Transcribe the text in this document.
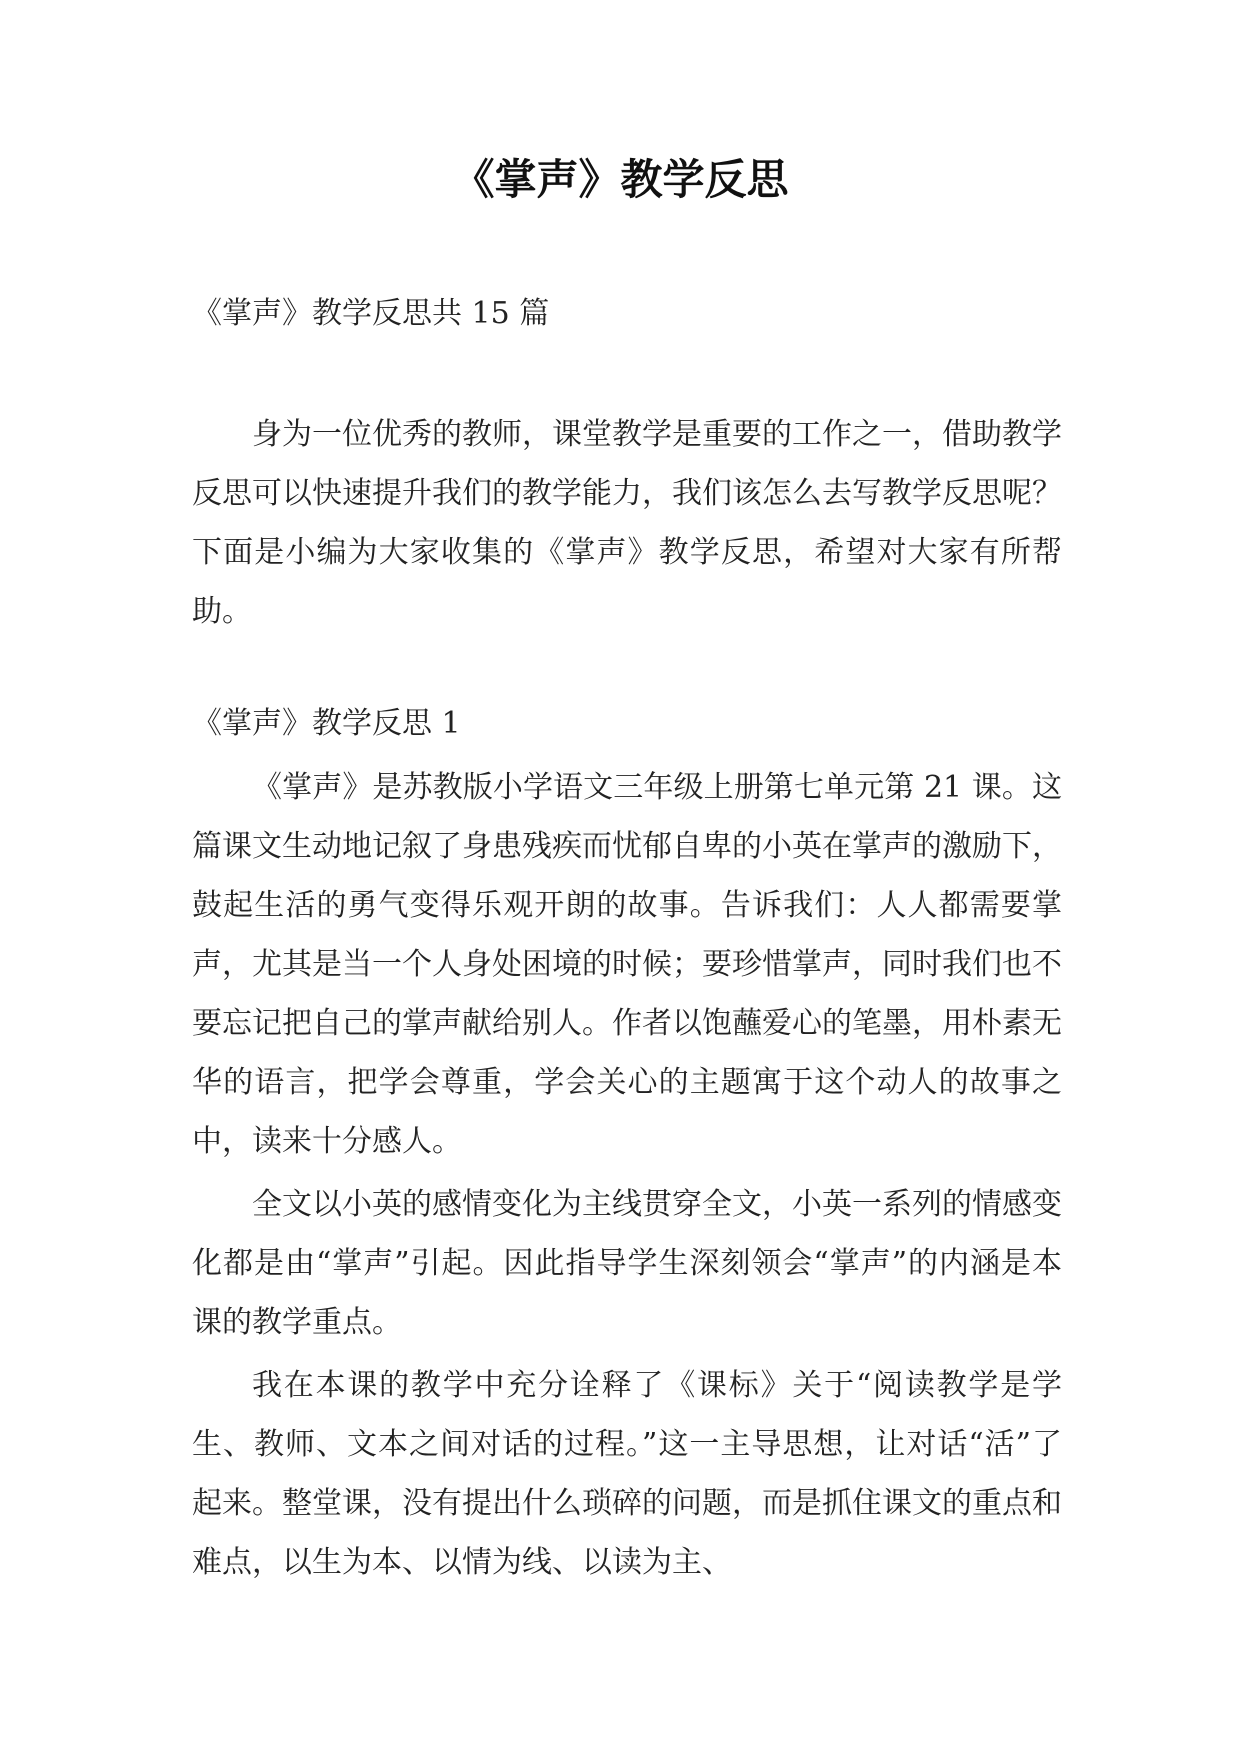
《掌声》教学反思
《掌声》教学反思共 15 篇

身为一位优秀的教师，课堂教学是重要的工作之一，借助教学反思可以快速提升我们的教学能力，我们该怎么去写教学反思呢？下面是小编为大家收集的《掌声》教学反思，希望对大家有所帮助。

《掌声》教学反思 1

《掌声》是苏教版小学语文三年级上册第七单元第 21 课。这篇课文生动地记叙了身患残疾而忧郁自卑的小英在掌声的激励下，鼓起生活的勇气变得乐观开朗的故事。告诉我们：人人都需要掌声，尤其是当一个人身处困境的时候；要珍惜掌声，同时我们也不要忘记把自己的掌声献给别人。作者以饱蘸爱心的笔墨，用朴素无华的语言，把学会尊重，学会关心的主题寓于这个动人的故事之中，读来十分感人。

全文以小英的感情变化为主线贯穿全文，小英一系列的情感变化都是由“掌声”引起。因此指导学生深刻领会“掌声”的内涵是本课的教学重点。

我在本课的教学中充分诠释了《课标》关于“阅读教学是学生、教师、文本之间对话的过程。”这一主导思想，让对话“活”了起来。整堂课，没有提出什么琐碎的问题，而是抓住课文的重点和难点，以生为本、以情为线、以读为主、
